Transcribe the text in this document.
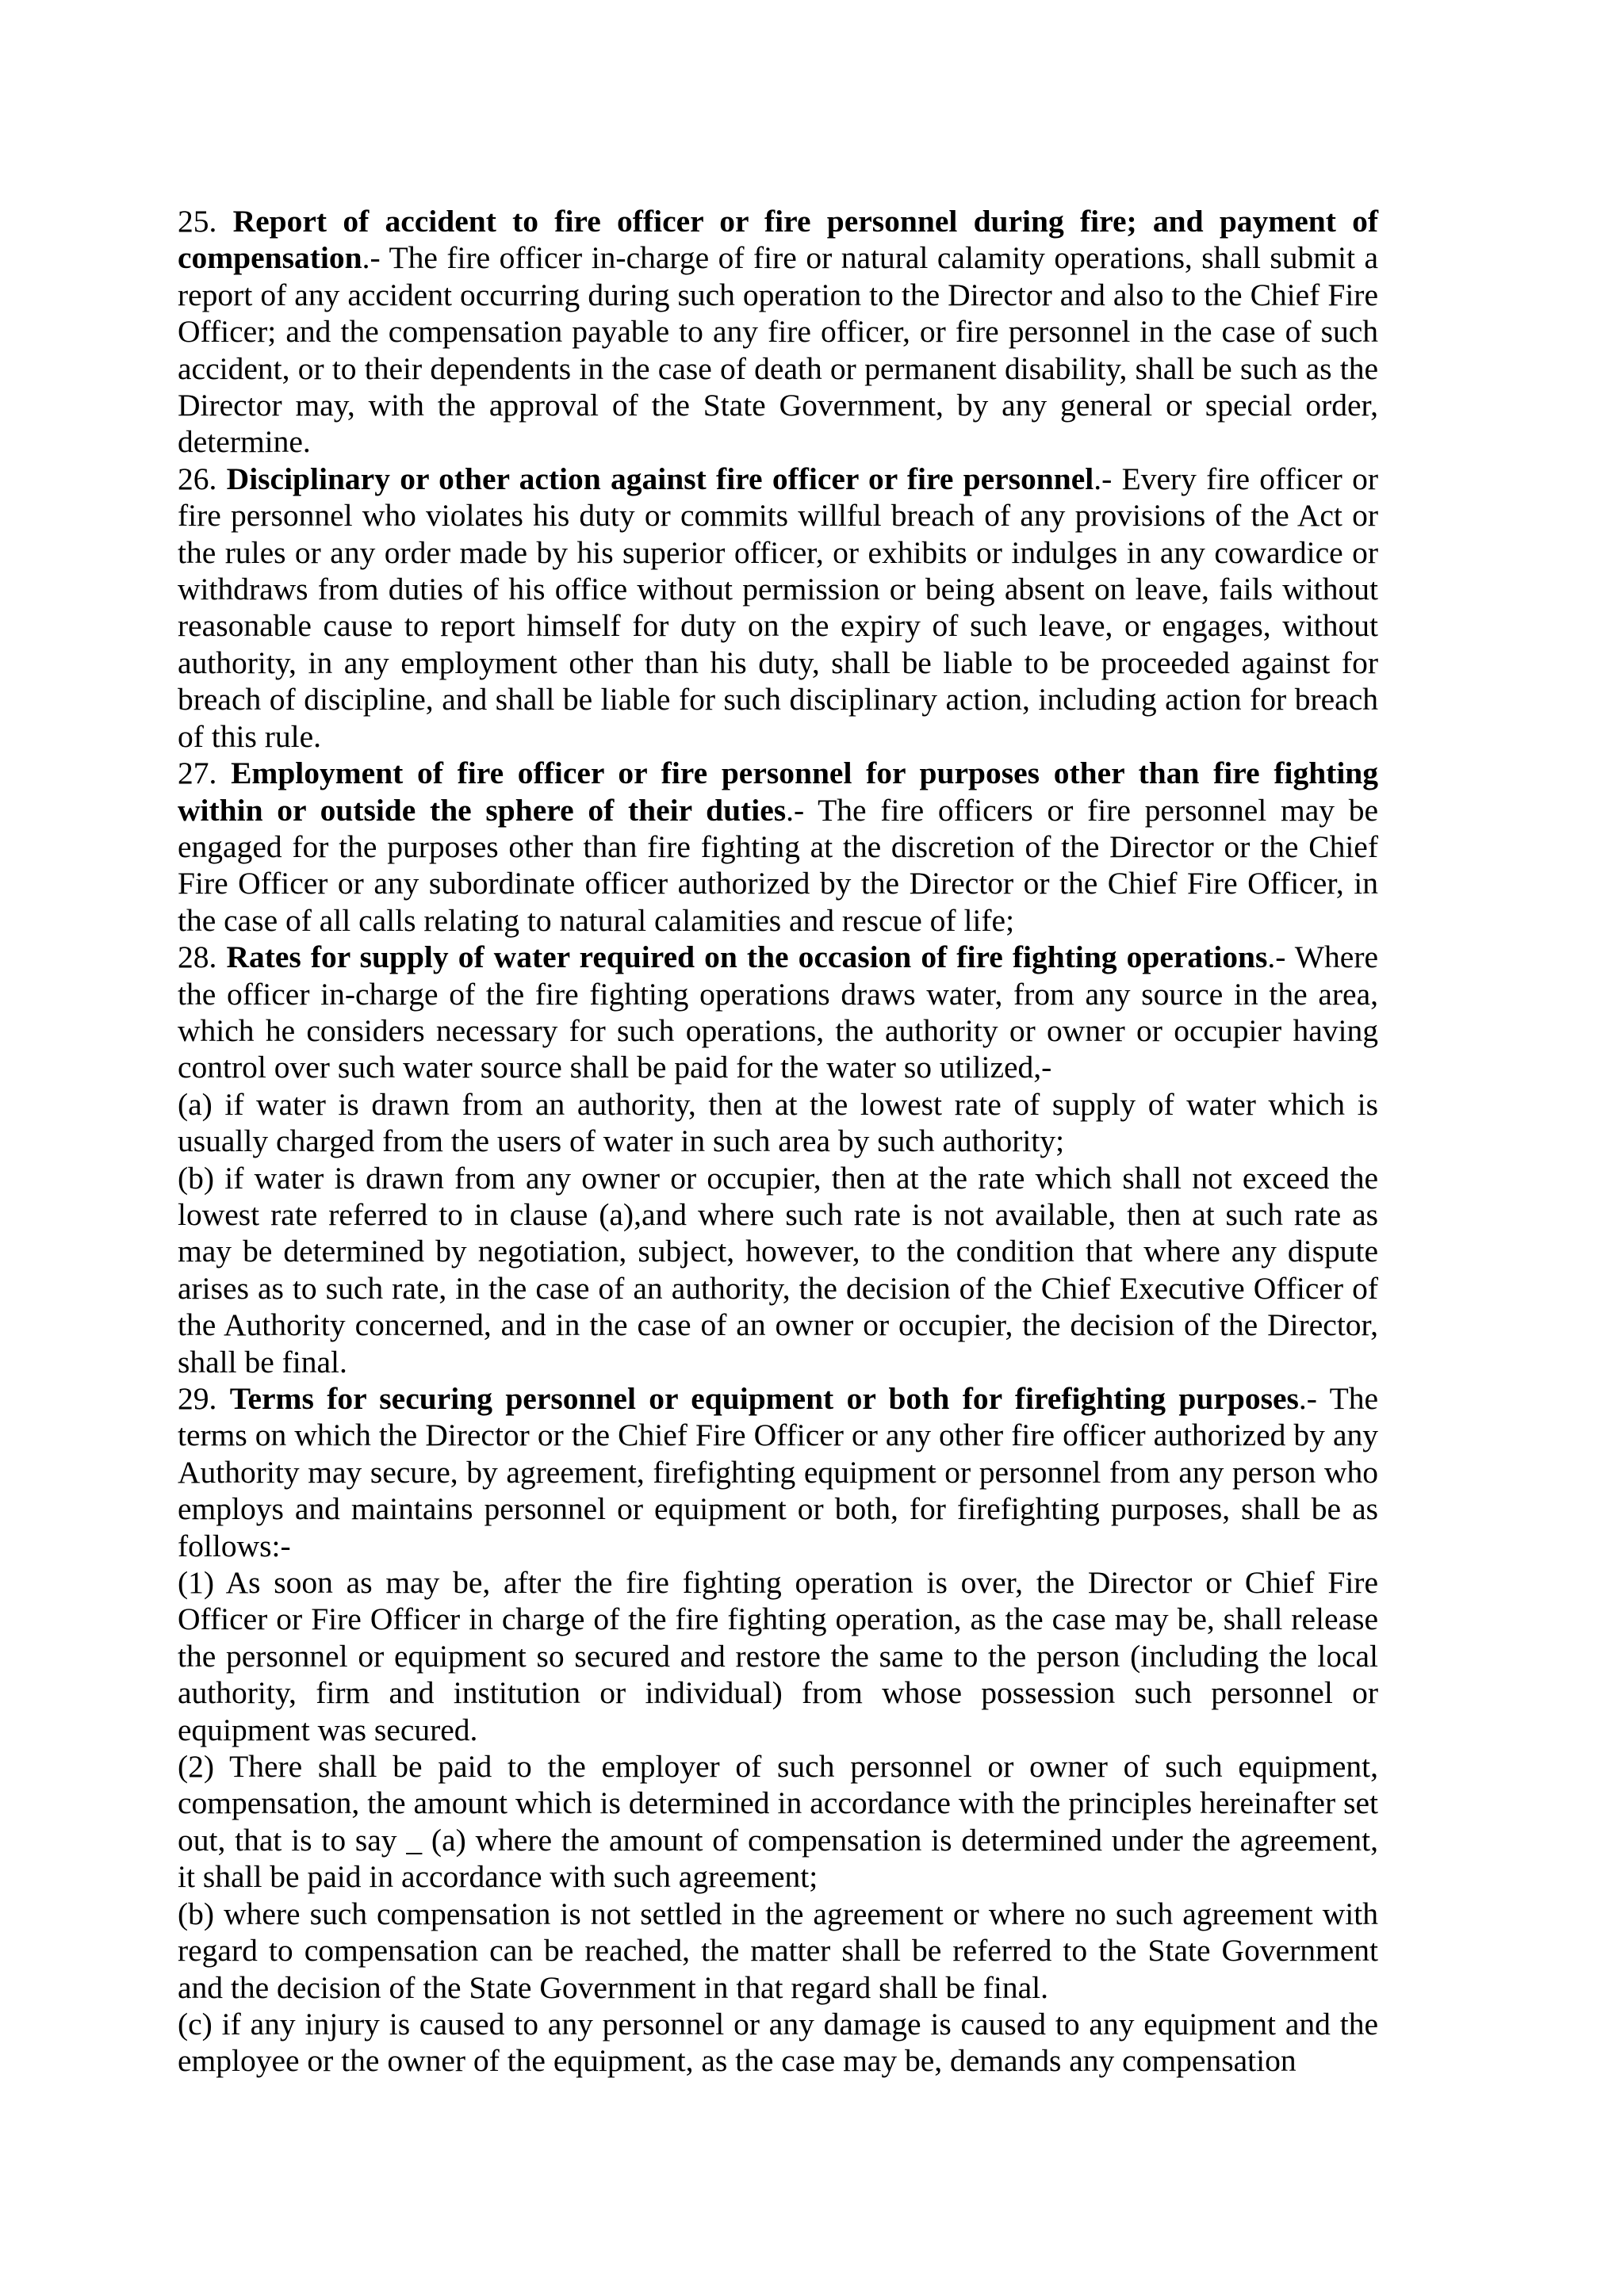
25. Report of accident to fire officer or fire personnel during fire; and payment of compensation.- The fire officer in-charge of fire or natural calamity operations, shall submit a report of any accident occurring during such operation to the Director and also to the Chief Fire Officer; and the compensation payable to any fire officer, or fire personnel in the case of such accident, or to their dependents in the case of death or permanent disability, shall be such as the Director may, with the approval of the State Government, by any general or special order, determine.

26. Disciplinary or other action against fire officer or fire personnel.- Every fire officer or fire personnel who violates his duty or commits willful breach of any provisions of the Act or the rules or any order made by his superior officer, or exhibits or indulges in any cowardice or withdraws from duties of his office without permission or being absent on leave, fails without reasonable cause to report himself for duty on the expiry of such leave, or engages, without authority, in any employment other than his duty, shall be liable to be proceeded against for breach of discipline, and shall be liable for such disciplinary action, including action for breach of this rule.

27. Employment of fire officer or fire personnel for purposes other than fire fighting within or outside the sphere of their duties.- The fire officers or fire personnel may be engaged for the purposes other than fire fighting at the discretion of the Director or the Chief Fire Officer or any subordinate officer authorized by the Director or the Chief Fire Officer, in the case of all calls relating to natural calamities and rescue of life;

28. Rates for supply of water required on the occasion of fire fighting operations.- Where the officer in-charge of the fire fighting operations draws water, from any source in the area, which he considers necessary for such operations, the authority or owner or occupier having control over such water source shall be paid for the water so utilized,-

(a) if water is drawn from an authority, then at the lowest rate of supply of water which is usually charged from the users of water in such area by such authority;

(b) if water is drawn from any owner or occupier, then at the rate which shall not exceed the lowest rate referred to in clause (a),and where such rate is not available, then at such rate as may be determined by negotiation, subject, however, to the condition that where any dispute arises as to such rate, in the case of an authority, the decision of the Chief Executive Officer of the Authority concerned, and in the case of an owner or occupier, the decision of the Director, shall be final.

29. Terms for securing personnel or equipment or both for firefighting purposes.- The terms on which the Director or the Chief Fire Officer or any other fire officer authorized by any Authority may secure, by agreement, firefighting equipment or personnel from any person who employs and maintains personnel or equipment or both, for firefighting purposes, shall be as follows:-

(1) As soon as may be, after the fire fighting operation is over, the Director or Chief Fire Officer or Fire Officer in charge of the fire fighting operation, as the case may be, shall release the personnel or equipment so secured and restore the same to the person (including the local authority, firm and institution or individual) from whose possession such personnel or equipment was secured.

(2) There shall be paid to the employer of such personnel or owner of such equipment, compensation, the amount which is determined in accordance with the principles hereinafter set out, that is to say _ (a) where the amount of compensation is determined under the agreement, it shall be paid in accordance with such agreement;

(b) where such compensation is not settled in the agreement or where no such agreement with regard to compensation can be reached, the matter shall be referred to the State Government and the decision of the State Government in that regard shall be final.

(c) if any injury is caused to any personnel or any damage is caused to any equipment and the employee or the owner of the equipment, as the case may be, demands any compensation
